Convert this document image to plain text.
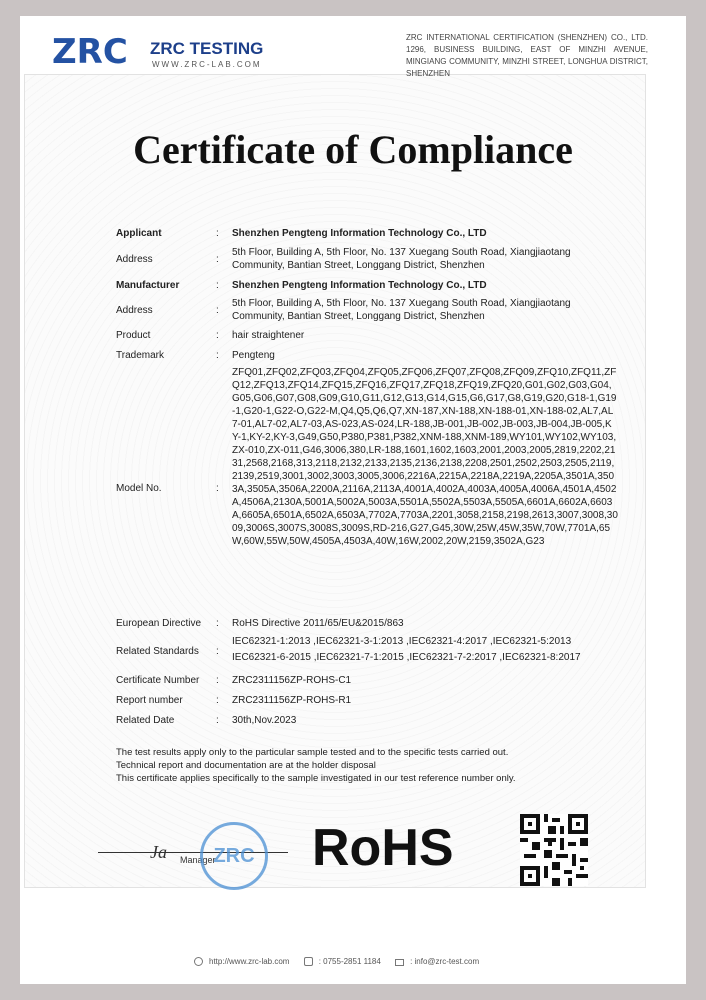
ZRC ZRC TESTING
WWW.ZRC-LAB.COM
ZRC INTERNATIONAL CERTIFICATION (SHENZHEN) CO., LTD. 1296, BUSINESS BUILDING, EAST OF MINZHI AVENUE, MINGIANG COMMUNITY, MINZHI STREET, LONGHUA DISTRICT, SHENZHEN
Certificate of Compliance
Applicant	: Shenzhen Pengteng Information Technology Co., LTD
Address	:
5th Floor, Building A, 5th Floor, No. 137 Xuegang South Road, Xiangjiaotang Community, Bantian Street, Longgang District, Shenzhen
Manufacturer	: Shenzhen Pengteng Information Technology Co., LTD
Address	:
5th Floor, Building A, 5th Floor, No. 137 Xuegang South Road, Xiangjiaotang Community, Bantian Street, Longgang District, Shenzhen
Product	: hair straightener
Trademark	: Pengteng
Model No.	:
ZFQ01,ZFQ02,ZFQ03,ZFQ04,ZFQ05,ZFQ06,ZFQ07,ZFQ08,ZFQ09,ZFQ10,ZFQ11,ZFQ12,ZFQ13,ZFQ14,ZFQ15,ZFQ16,ZFQ17,ZFQ18,ZFQ19,ZFQ20,G01,G02,G03,G04,G05,G06,G07,G08,G09,G10,G11,G12,G13,G14,G15,G6,G17,G8,G19,G20,G18-1,G19-1,G20-1,G22-O,G22-M,Q4,Q5,Q6,Q7,XN-187,XN-188,XN-188-01,XN-188-02,AL7,AL7-01,AL7-02,AL7-03,AS-023,AS-024,LR-188,JB-001,JB-002,JB-003,JB-004,JB-005,KY-1,KY-2,KY-3,G49,G50,P380,P381,P382,XNM-188,XNM-189,WY101,WY102,WY103,ZX-010,ZX-011,G46,3006,380,LR-188,1601,1602,1603,2001,2003,2005,2819,2202,2131,2568,2168,313,2118,2132,2133,2135,2136,2138,2208,2501,2502,2503,2505,2119,2139,2519,3001,3002,3003,3005,3006,2216A,2215A,2218A,2219A,2205A,3501A,3503A,3505A,3506A,2200A,2116A,2113A,4001A,4002A,4003A,4005A,4006A,4501A,4502A,4506A,2130A,5001A,5002A,5003A,5501A,5502A,5503A,5505A,6601A,6602A,6603A,6605A,6501A,6502A,6503A,7702A,7703A,2201,3058,2158,2198,2613,3007,3008,3009,3006S,3007S,3008S,3009S,RD-216,G27,G45,30W,25W,45W,35W,70W,7701A,65W,60W,55W,50W,4505A,4503A,40W,16W,2002,20W,2159,3502A,G23
European Directive	: RoHS Directive 2011/65/EU&2015/863
Related Standards	:
IEC62321-1:2013 ,IEC62321-3-1:2013 ,IEC62321-4:2017 ,IEC62321-5:2013
IEC62321-6-2015 ,IEC62321-7-1:2015 ,IEC62321-7-2:2017 ,IEC62321-8:2017
Certificate Number	: ZRC2311156ZP-ROHS-C1
Report number	: ZRC2311156ZP-ROHS-R1
Related Date	: 30th,Nov.2023
The test results apply only to the particular sample tested and to the specific tests carried out.
Technical report and documentation are at the holder disposal
This certificate applies specifically to the sample investigated in our test reference number only.
Ja Manager
ZRC RoHS
http://www.zrc-lab.com	: 0755-2851 1184	: info@zrc-test.com
